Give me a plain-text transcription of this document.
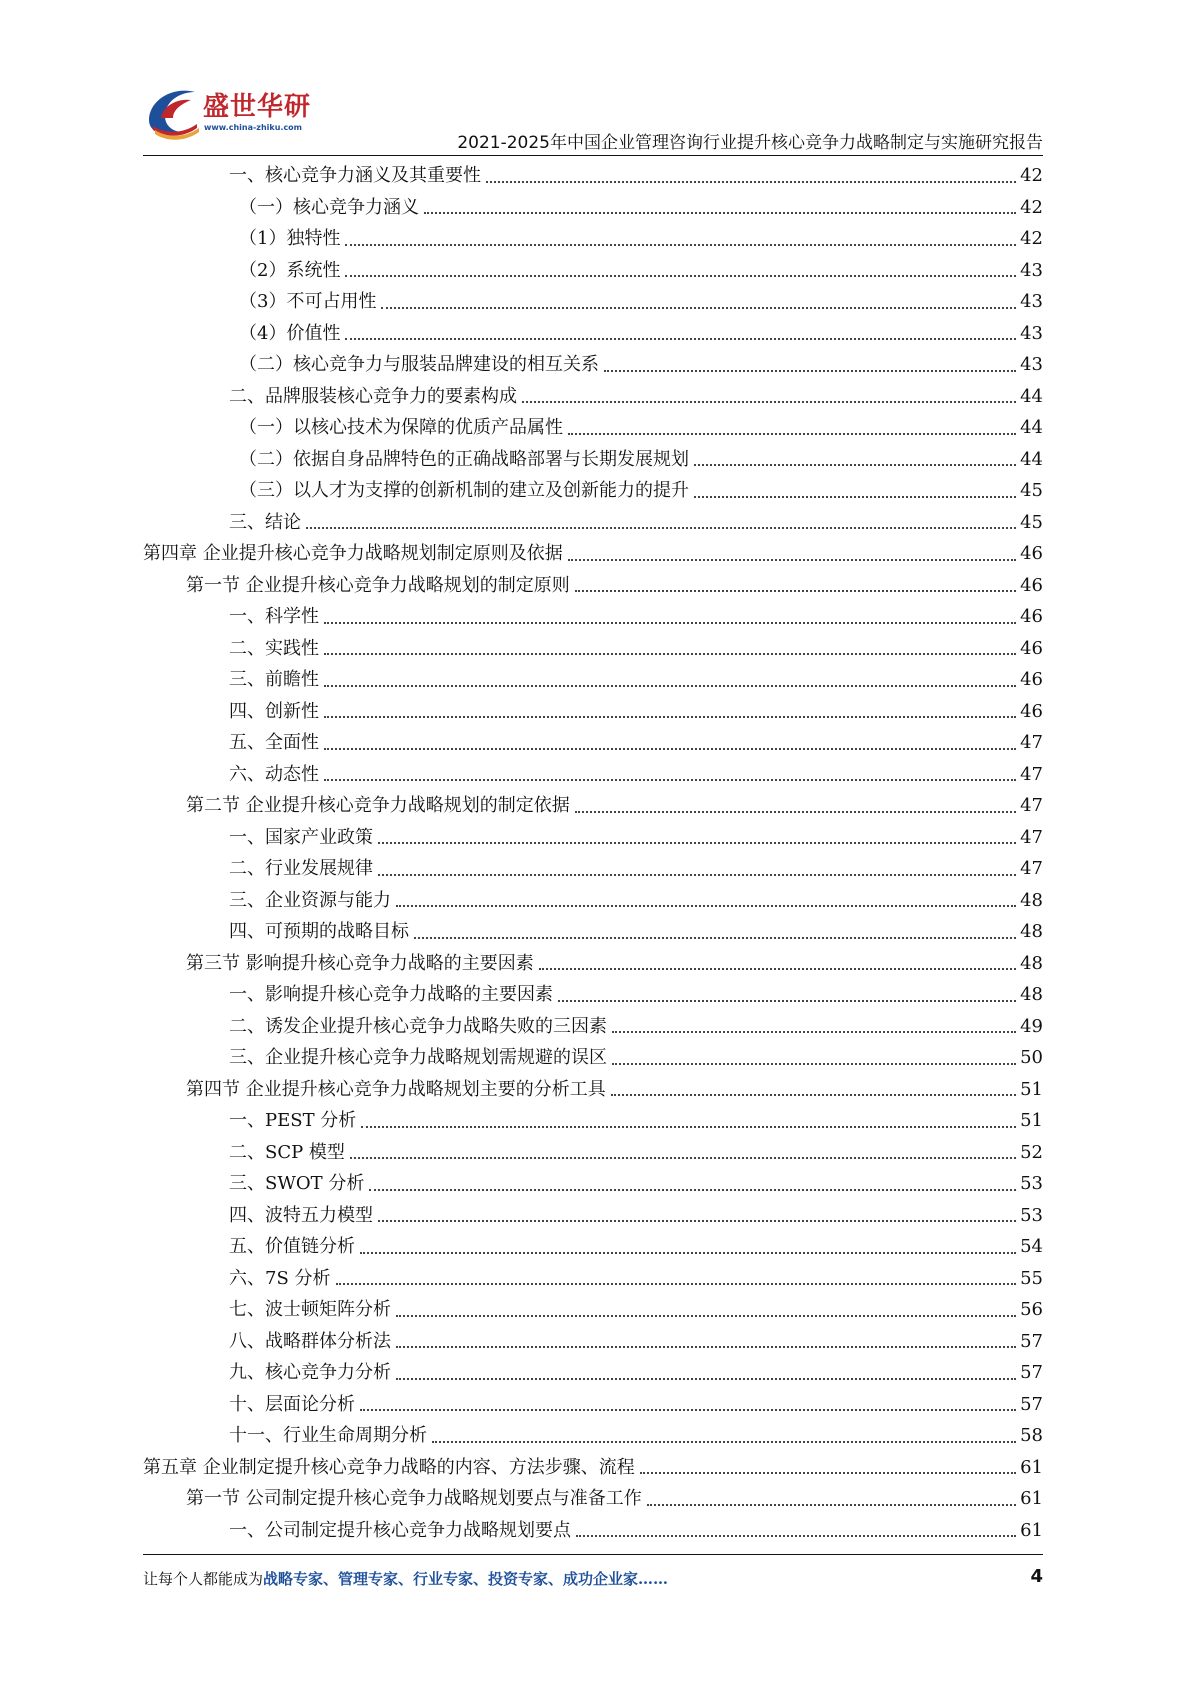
盛世华研
www.china-zhiku.com
2021-2025年中国企业管理咨询行业提升核心竞争力战略制定与实施研究报告
一、核心竞争力涵义及其重要性	42
（一）核心竞争力涵义	42
（1）独特性	42
（2）系统性	43
（3）不可占用性	43
（4）价值性	43
（二）核心竞争力与服装品牌建设的相互关系	43
二、品牌服装核心竞争力的要素构成	44
（一）以核心技术为保障的优质产品属性	44
（二）依据自身品牌特色的正确战略部署与长期发展规划	44
（三）以人才为支撑的创新机制的建立及创新能力的提升	45
三、结论	45
第四章 企业提升核心竞争力战略规划制定原则及依据	46
第一节 企业提升核心竞争力战略规划的制定原则	46
一、科学性	46
二、实践性	46
三、前瞻性	46
四、创新性	46
五、全面性	47
六、动态性	47
第二节 企业提升核心竞争力战略规划的制定依据	47
一、国家产业政策	47
二、行业发展规律	47
三、企业资源与能力	48
四、可预期的战略目标	48
第三节 影响提升核心竞争力战略的主要因素	48
一、影响提升核心竞争力战略的主要因素	48
二、诱发企业提升核心竞争力战略失败的三因素	49
三、企业提升核心竞争力战略规划需规避的误区	50
第四节 企业提升核心竞争力战略规划主要的分析工具	51
一、PEST 分析	51
二、SCP 模型	52
三、SWOT 分析	53
四、波特五力模型	53
五、价值链分析	54
六、7S 分析	55
七、波士顿矩阵分析	56
八、战略群体分析法	57
九、核心竞争力分析	57
十、层面论分析	57
十一、行业生命周期分析	58
第五章 企业制定提升核心竞争力战略的内容、方法步骤、流程	61
第一节 公司制定提升核心竞争力战略规划要点与准备工作	61
一、公司制定提升核心竞争力战略规划要点	61
让每个人都能成为战略专家、管理专家、行业专家、投资专家、成功企业家……	4
